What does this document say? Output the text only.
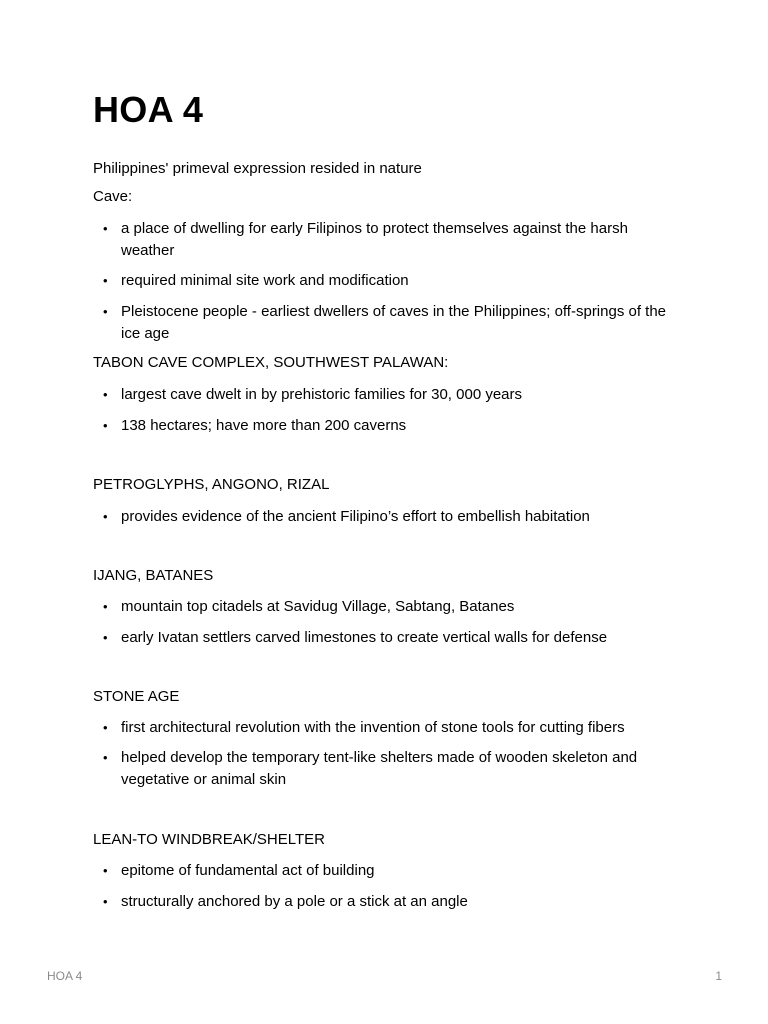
HOA 4

Philippines' primeval expression resided in nature

Cave:

• a place of dwelling for early Filipinos to protect themselves against the harsh weather
• required minimal site work and modification
• Pleistocene people - earliest dwellers of caves in the Philippines; off-springs of the ice age

TABON CAVE COMPLEX, SOUTHWEST PALAWAN:

• largest cave dwelt in by prehistoric families for 30, 000 years
• 138 hectares; have more than 200 caverns

PETROGLYPHS, ANGONO, RIZAL

• provides evidence of the ancient Filipino’s effort to embellish habitation

IJANG, BATANES

• mountain top citadels at Savidug Village, Sabtang, Batanes
• early Ivatan settlers carved limestones to create vertical walls for defense

STONE AGE

• first architectural revolution with the invention of stone tools for cutting fibers
• helped develop the temporary tent-like shelters made of wooden skeleton and vegetative or animal skin

LEAN-TO WINDBREAK/SHELTER

• epitome of fundamental act of building
• structurally anchored by a pole or a stick at an angle
HOA 4	1
